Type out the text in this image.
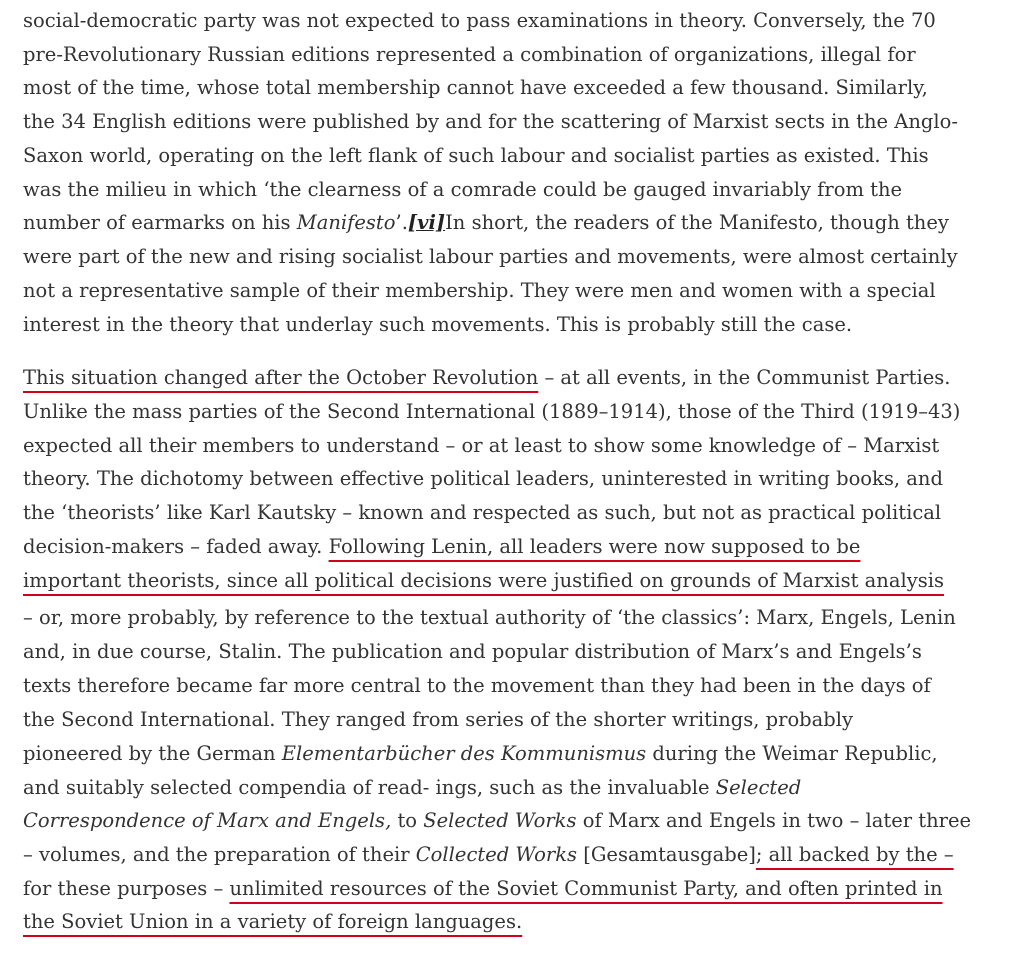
social-democratic party was not expected to pass examinations in theory. Conversely, the 70
pre-Revolutionary Russian editions represented a combination of organizations, illegal for
most of the time, whose total membership cannot have exceeded a few thousand. Similarly,
the 34 English editions were published by and for the scattering of Marxist sects in the Anglo-
Saxon world, operating on the left flank of such labour and socialist parties as existed. This
was the milieu in which ‘the clearness of a comrade could be gauged invariably from the
number of earmarks on his Manifesto’.[vi]In short, the readers of the Manifesto, though they
were part of the new and rising socialist labour parties and movements, were almost certainly
not a representative sample of their membership. They were men and women with a special
interest in the theory that underlay such movements. This is probably still the case.
This situation changed after the October Revolution – at all events, in the Communist Parties.
Unlike the mass parties of the Second International (1889–1914), those of the Third (1919–43)
expected all their members to understand – or at least to show some knowledge of – Marxist
theory. The dichotomy between effective political leaders, uninterested in writing books, and
the ‘theorists’ like Karl Kautsky – known and respected as such, but not as practical political
decision-makers – faded away. Following Lenin, all leaders were now supposed to be
important theorists, since all political decisions were justified on grounds of Marxist analysis
– or, more probably, by reference to the textual authority of ‘the classics’: Marx, Engels, Lenin
and, in due course, Stalin. The publication and popular distribution of Marx’s and Engels’s
texts therefore became far more central to the movement than they had been in the days of
the Second International. They ranged from series of the shorter writings, probably
pioneered by the German Elementarbücher des Kommunismus during the Weimar Republic,
and suitably selected compendia of read- ings, such as the invaluable Selected
Correspondence of Marx and Engels, to Selected Works of Marx and Engels in two – later three
– volumes, and the preparation of their Collected Works [Gesamtausgabe]; all backed by the –
for these purposes – unlimited resources of the Soviet Communist Party, and often printed in
the Soviet Union in a variety of foreign languages.
